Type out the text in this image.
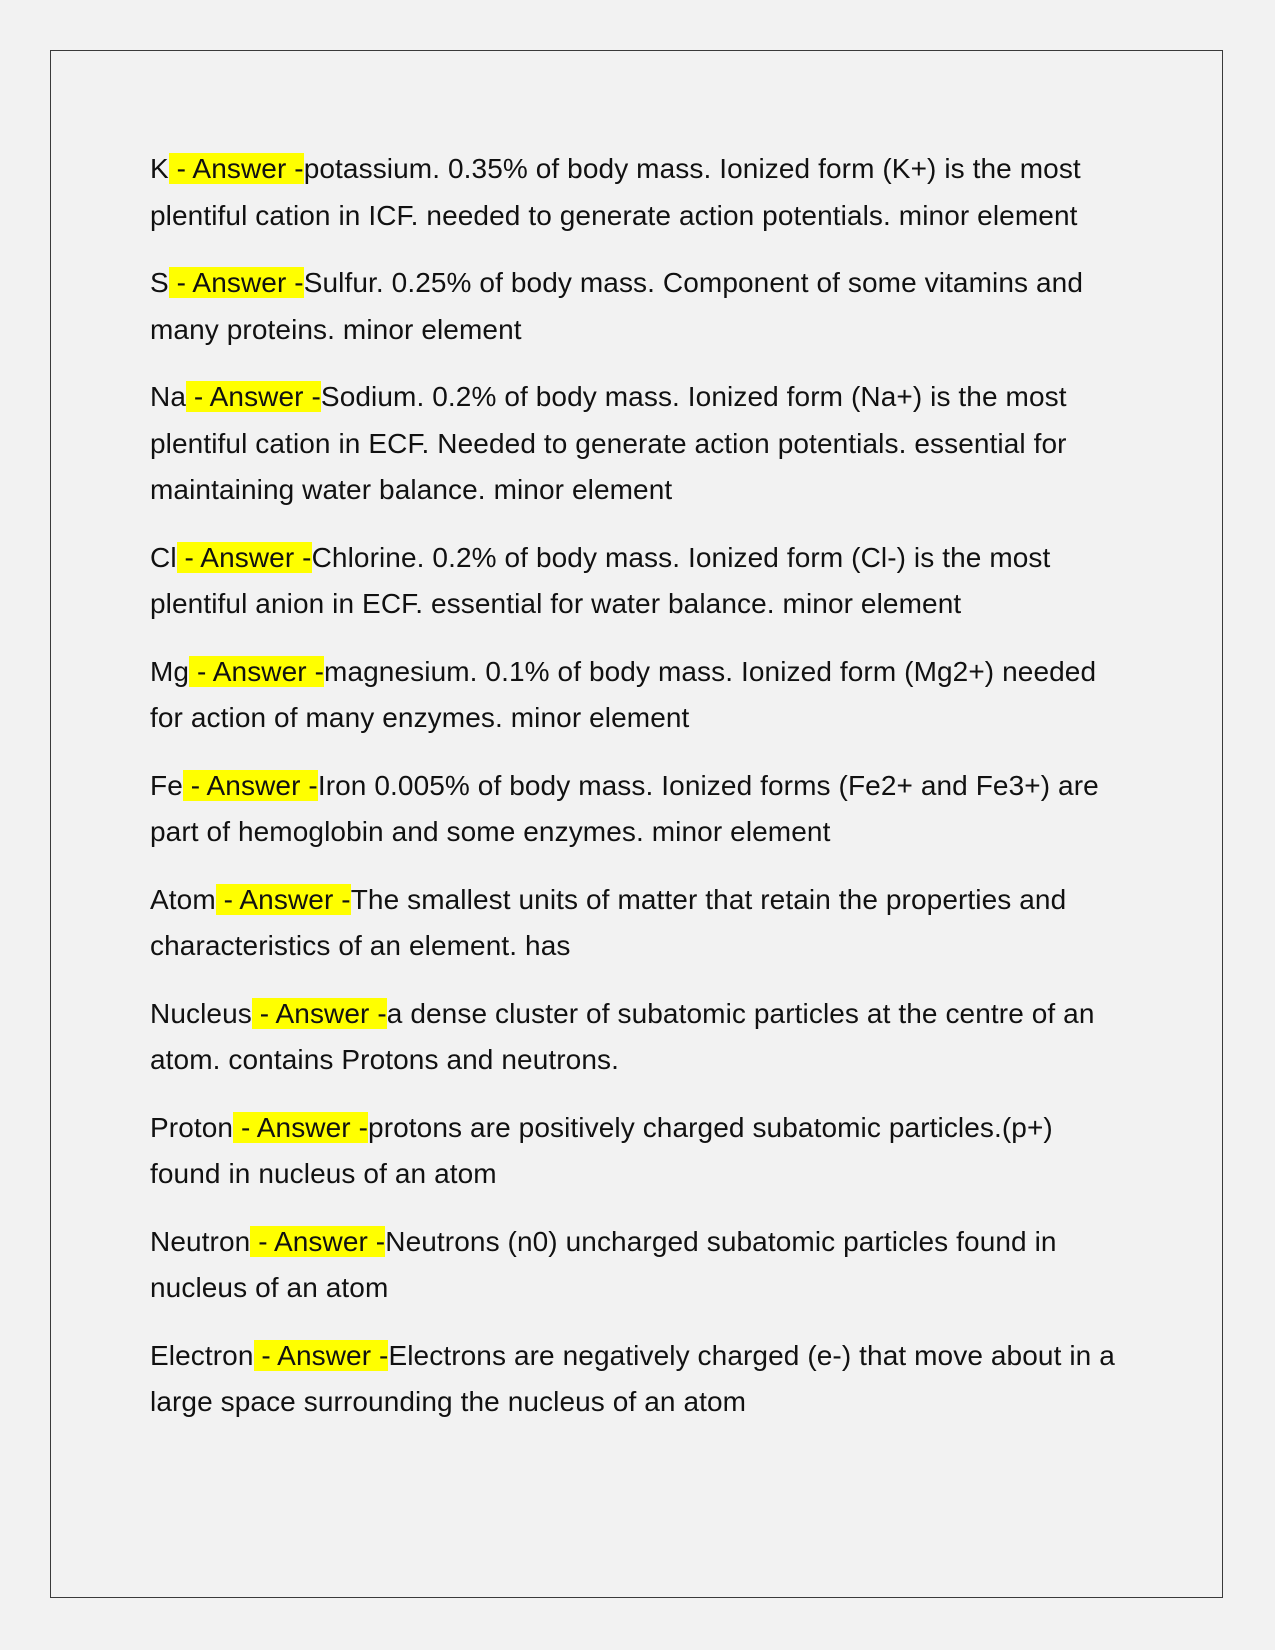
K - Answer -potassium. 0.35% of body mass. Ionized form (K+) is the most plentiful cation in ICF. needed to generate action potentials. minor element

S - Answer -Sulfur. 0.25% of body mass. Component of some vitamins and many proteins. minor element

Na - Answer -Sodium. 0.2% of body mass. Ionized form (Na+) is the most plentiful cation in ECF. Needed to generate action potentials. essential for maintaining water balance. minor element

Cl - Answer -Chlorine. 0.2% of body mass. Ionized form (Cl-) is the most plentiful anion in ECF. essential for water balance. minor element

Mg - Answer -magnesium. 0.1% of body mass. Ionized form (Mg2+) needed for action of many enzymes. minor element

Fe - Answer -Iron 0.005% of body mass. Ionized forms (Fe2+ and Fe3+) are part of hemoglobin and some enzymes. minor element

Atom - Answer -The smallest units of matter that retain the properties and characteristics of an element. has

Nucleus - Answer -a dense cluster of subatomic particles at the centre of an atom. contains Protons and neutrons.

Proton - Answer -protons are positively charged subatomic particles.(p+) found in nucleus of an atom

Neutron - Answer -Neutrons (n0) uncharged subatomic particles found in nucleus of an atom

Electron - Answer -Electrons are negatively charged (e-) that move about in a large space surrounding the nucleus of an atom
